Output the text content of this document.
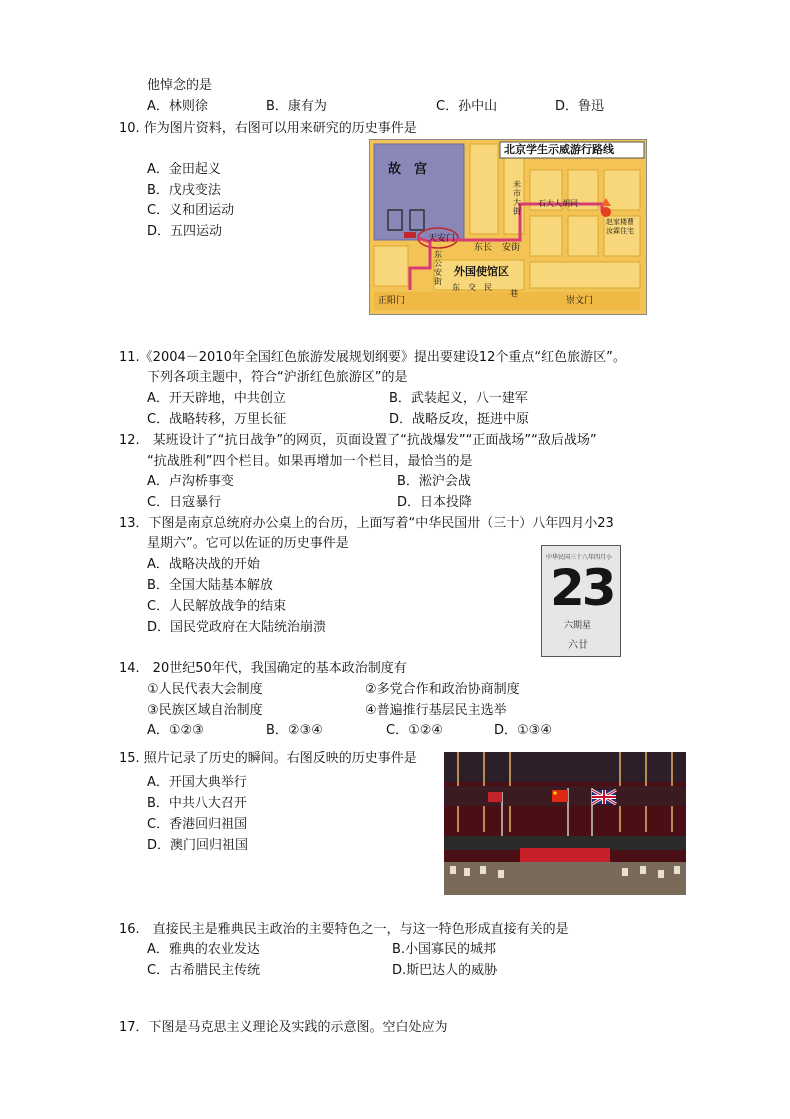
他悼念的是
A．林则徐	B．康有为	C．孙中山	D．鲁迅
10. 作为图片资料，右图可以用来研究的历史事件是
A．金田起义
B．戊戌变法
C．义和团运动
D．五四运动
北京学生示威游行路线
故　宫
天安门
东长 安街
东公安街
外国使馆区
东 交 民
巷
正阳门	崇文门
米市大街
石大人胡同
赵家楼曹汝霖住宅
11.《2004－2010年全国红色旅游发展规划纲要》提出要建设12个重点“红色旅游区”。
下列各项主题中，符合“沪浙红色旅游区”的是
A．开天辟地，中共创立	B．武装起义，八一建军
C．战略转移，万里长征	D．战略反攻，挺进中原
12.　某班设计了“抗日战争”的网页，页面设置了“抗战爆发”“正面战场”“敌后战场”
“抗战胜利”四个栏目。如果再增加一个栏目，最恰当的是
A．卢沟桥事变	B．淞沪会战
C．日寇暴行	D．日本投降
13．下图是南京总统府办公桌上的台历，上面写着“中华民国卅（三十）八年四月小23
星期六”。它可以佐证的历史事件是
A．战略决战的开始
B．全国大陆基本解放
C．人民解放战争的结束
D．国民党政府在大陆统治崩溃
中华民国三十八年四月小
23
六期星
六廿
14.　20世纪50年代，我国确定的基本政治制度有
①人民代表大会制度	②多党合作和政治协商制度
③民族区域自治制度	④普遍推行基层民主选举
A．①②③	B．②③④	C．①②④	D．①③④
15. 照片记录了历史的瞬间。右图反映的历史事件是
A．开国大典举行
B．中共八大召开
C．香港回归祖国
D．澳门回归祖国
16.　直接民主是雅典民主政治的主要特色之一，与这一特色形成直接有关的是
A．雅典的农业发达	B.小国寡民的城邦
C．古希腊民主传统	D.斯巴达人的威胁
17．下图是马克思主义理论及实践的示意图。空白处应为
